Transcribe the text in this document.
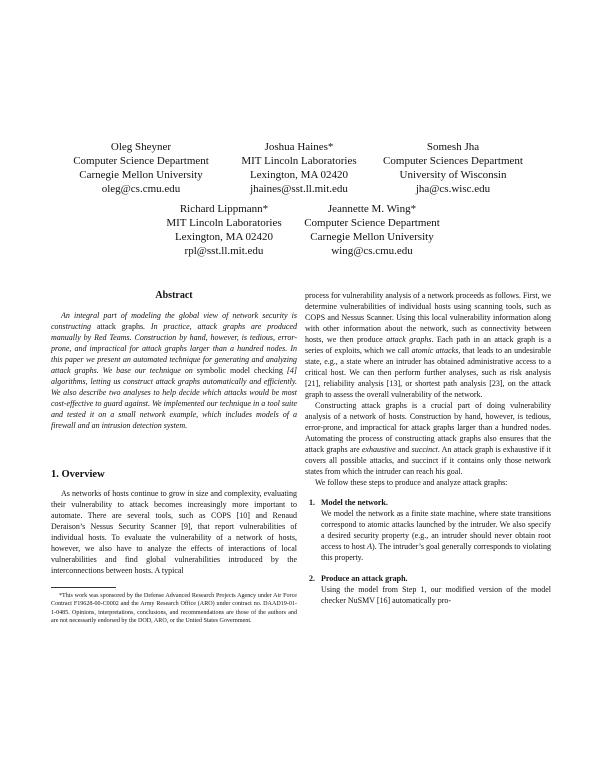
Oleg Sheyner
Computer Science Department
Carnegie Mellon University
oleg@cs.cmu.edu
Joshua Haines*
MIT Lincoln Laboratories
Lexington, MA 02420
jhaines@sst.ll.mit.edu
Somesh Jha
Computer Sciences Department
University of Wisconsin
jha@cs.wisc.edu
Richard Lippmann*
MIT Lincoln Laboratories
Lexington, MA 02420
rpl@sst.ll.mit.edu
Jeannette M. Wing*
Computer Science Department
Carnegie Mellon University
wing@cs.cmu.edu
Abstract

An integral part of modeling the global view of network security is constructing attack graphs. In practice, attack graphs are produced manually by Red Teams. Construction by hand, however, is tedious, error-prone, and impractical for attack graphs larger than a hundred nodes. In this paper we present an automated technique for generating and analyzing attack graphs. We base our technique on symbolic model checking [4] algorithms, letting us construct attack graphs automatically and efficiently. We also describe two analyses to help decide which attacks would be most cost-effective to guard against. We implemented our technique in a tool suite and tested it on a small network example, which includes models of a firewall and an intrusion detection system.

1. Overview

As networks of hosts continue to grow in size and complexity, evaluating their vulnerability to attack becomes increasingly more important to automate. There are several tools, such as COPS [10] and Renaud Deraison’s Nessus Security Scanner [9], that report vulnerabilities of individual hosts. To evaluate the vulnerability of a network of hosts, however, we also have to analyze the effects of interactions of local vulnerabilities and find global vulnerabilities introduced by the interconnections between hosts. A typical

*This work was sponsored by the Defense Advanced Research Projects Agency under Air Force Contract F19628-00-C0002 and the Army Research Office (ARO) under contract no. DAAD19-01-1-0485. Opinions, interpretations, conclusions, and recommendations are those of the authors and are not necessarily endorsed by the DOD, ARO, or the United States Government.

process for vulnerability analysis of a network proceeds as follows. First, we determine vulnerabilities of individual hosts using scanning tools, such as COPS and Nessus Scanner. Using this local vulnerability information along with other information about the network, such as connectivity between hosts, we then produce attack graphs. Each path in an attack graph is a series of exploits, which we call atomic attacks, that leads to an undesirable state, e.g., a state where an intruder has obtained administrative access to a critical host. We can then perform further analyses, such as risk analysis [21], reliability analysis [13], or shortest path analysis [23], on the attack graph to assess the overall vulnerability of the network.

Constructing attack graphs is a crucial part of doing vulnerability analysis of a network of hosts. Construction by hand, however, is tedious, error-prone, and impractical for attack graphs larger than a hundred nodes. Automating the process of constructing attack graphs also ensures that the attack graphs are exhaustive and succinct. An attack graph is exhaustive if it covers all possible attacks, and succinct if it contains only those network states from which the intruder can reach his goal.

We follow these steps to produce and analyze attack graphs:

1. Model the network.
We model the network as a finite state machine, where state transitions correspond to atomic attacks launched by the intruder. We also specify a desired security property (e.g., an intruder should never obtain root access to host A). The intruder’s goal generally corresponds to violating this property.
2. Produce an attack graph.
Using the model from Step 1, our modified version of the model checker NuSMV [16] automatically pro-
